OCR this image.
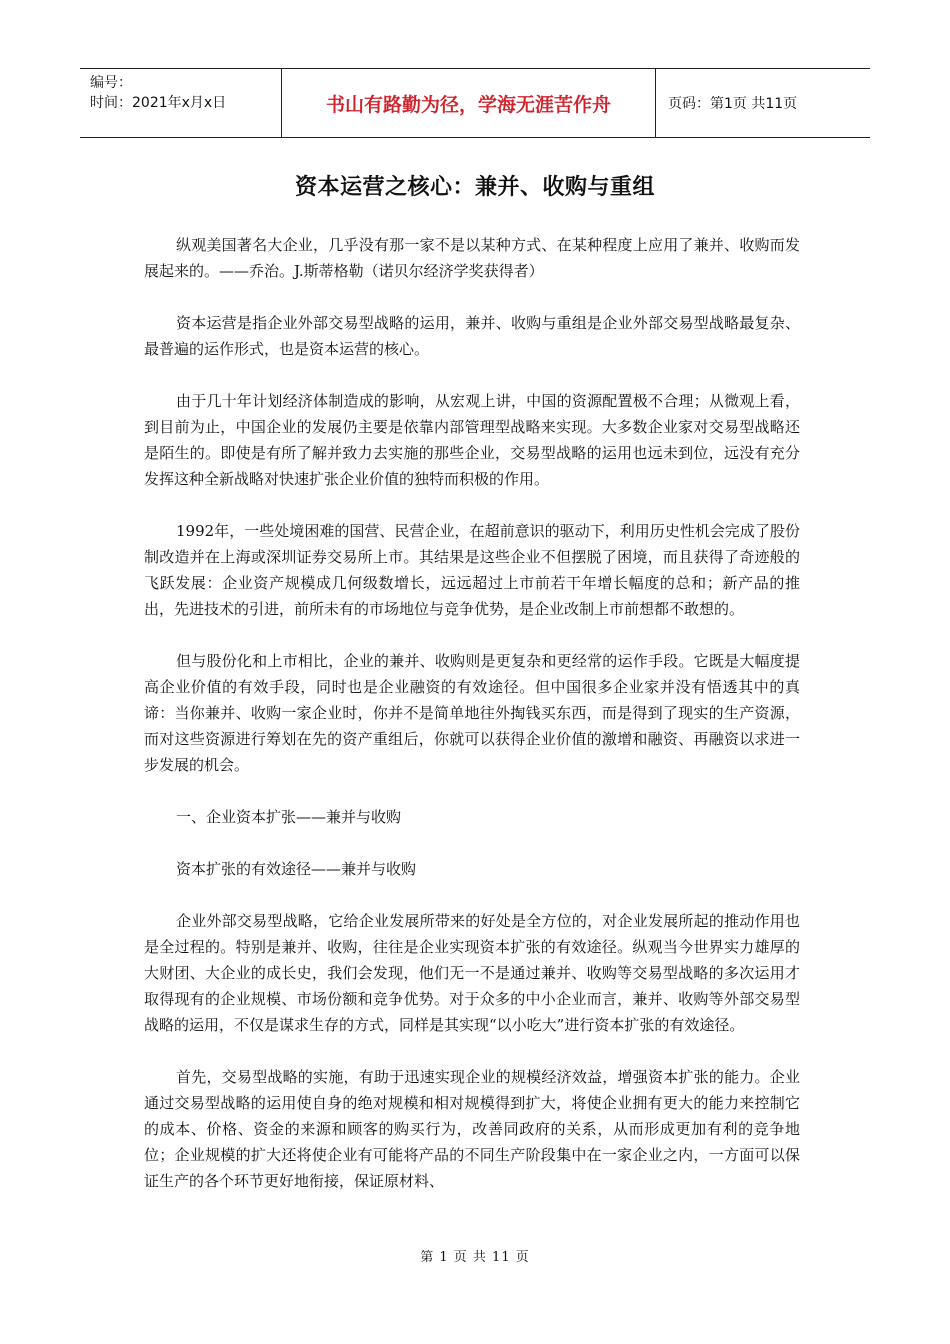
编号：
时间：2021年x月x日	书山有路勤为径，学海无涯苦作舟	页码：第1页 共11页
资本运营之核心：兼并、收购与重组

纵观美国著名大企业，几乎没有那一家不是以某种方式、在某种程度上应用了兼并、收购而发展起来的。——乔治。J.斯蒂格勒（诺贝尔经济学奖获得者）

资本运营是指企业外部交易型战略的运用，兼并、收购与重组是企业外部交易型战略最复杂、最普遍的运作形式，也是资本运营的核心。

由于几十年计划经济体制造成的影响，从宏观上讲，中国的资源配置极不合理；从微观上看，到目前为止，中国企业的发展仍主要是依靠内部管理型战略来实现。大多数企业家对交易型战略还是陌生的。即使是有所了解并致力去实施的那些企业，交易型战略的运用也远未到位，远没有充分发挥这种全新战略对快速扩张企业价值的独特而积极的作用。

1992年，一些处境困难的国营、民营企业，在超前意识的驱动下，利用历史性机会完成了股份制改造并在上海或深圳证券交易所上市。其结果是这些企业不但摆脱了困境，而且获得了奇迹般的飞跃发展：企业资产规模成几何级数增长，远远超过上市前若干年增长幅度的总和；新产品的推出，先进技术的引进，前所未有的市场地位与竞争优势，是企业改制上市前想都不敢想的。

但与股份化和上市相比，企业的兼并、收购则是更复杂和更经常的运作手段。它既是大幅度提高企业价值的有效手段，同时也是企业融资的有效途径。但中国很多企业家并没有悟透其中的真谛：当你兼并、收购一家企业时，你并不是简单地往外掏钱买东西，而是得到了现实的生产资源，而对这些资源进行筹划在先的资产重组后，你就可以获得企业价值的激增和融资、再融资以求进一步发展的机会。

一、企业资本扩张——兼并与收购

资本扩张的有效途径——兼并与收购

企业外部交易型战略，它给企业发展所带来的好处是全方位的，对企业发展所起的推动作用也是全过程的。特别是兼并、收购，往往是企业实现资本扩张的有效途径。纵观当今世界实力雄厚的大财团、大企业的成长史，我们会发现，他们无一不是通过兼并、收购等交易型战略的多次运用才取得现有的企业规模、市场份额和竞争优势。对于众多的中小企业而言，兼并、收购等外部交易型战略的运用，不仅是谋求生存的方式，同样是其实现“以小吃大”进行资本扩张的有效途径。

首先，交易型战略的实施，有助于迅速实现企业的规模经济效益，增强资本扩张的能力。企业通过交易型战略的运用使自身的绝对规模和相对规模得到扩大，将使企业拥有更大的能力来控制它的成本、价格、资金的来源和顾客的购买行为，改善同政府的关系，从而形成更加有利的竞争地位；企业规模的扩大还将使企业有可能将产品的不同生产阶段集中在一家企业之内，一方面可以保证生产的各个环节更好地衔接，保证原材料、

第 1 页 共 11 页
